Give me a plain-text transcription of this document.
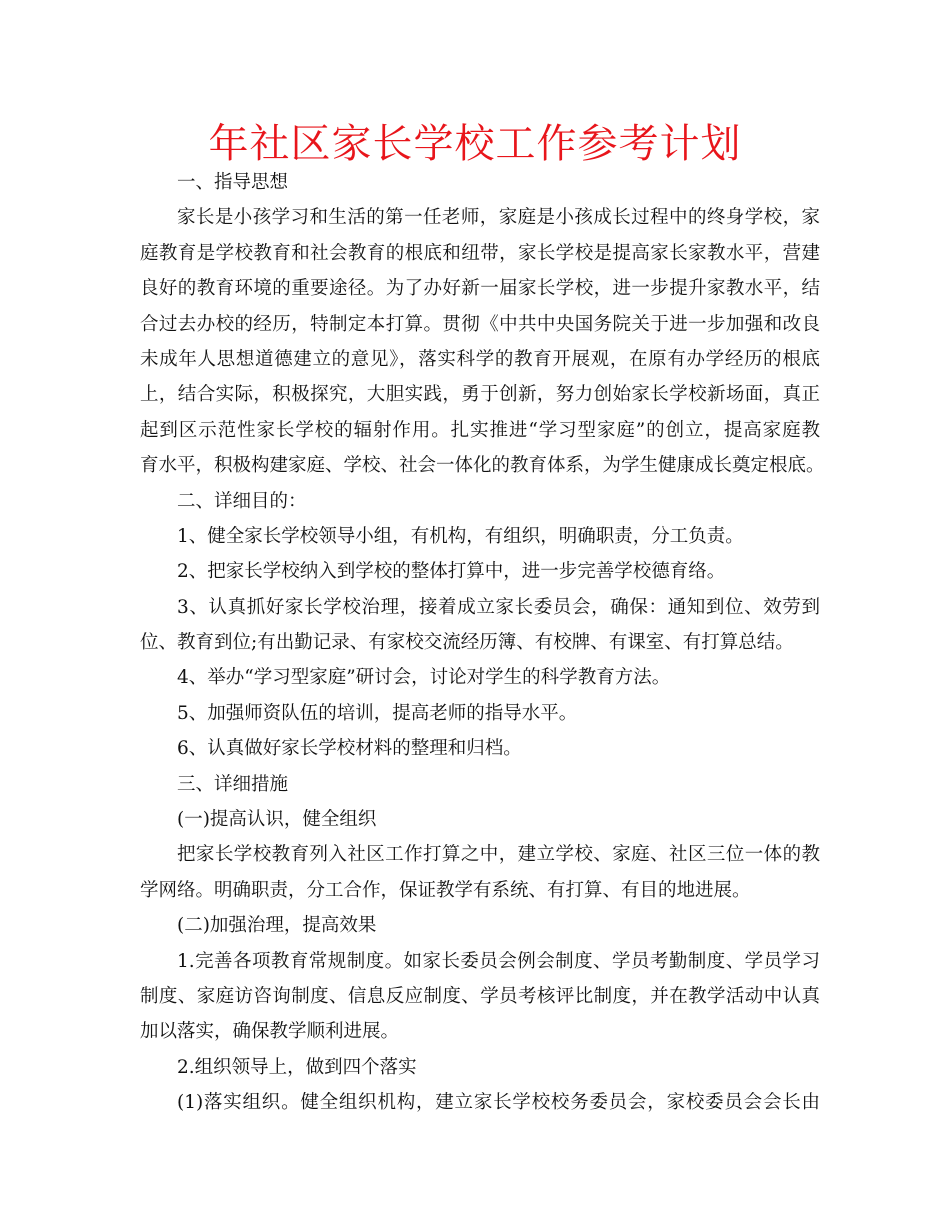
年社区家长学校工作参考计划
一、指导思想
家长是小孩学习和生活的第一任老师，家庭是小孩成长过程中的终身学校，家
庭教育是学校教育和社会教育的根底和纽带，家长学校是提高家长家教水平，营建
良好的教育环境的重要途径。为了办好新一届家长学校，进一步提升家教水平，结
合过去办校的经历，特制定本打算。贯彻《中共中央国务院关于进一步加强和改良
未成年人思想道德建立的意见》，落实科学的教育开展观，在原有办学经历的根底
上，结合实际，积极探究，大胆实践，勇于创新，努力创始家长学校新场面，真正
起到区示范性家长学校的辐射作用。扎实推进“学习型家庭”的创立，提高家庭教
育水平，积极构建家庭、学校、社会一体化的教育体系，为学生健康成长奠定根底。
二、详细目的：
1、健全家长学校领导小组，有机构，有组织，明确职责，分工负责。
2、把家长学校纳入到学校的整体打算中，进一步完善学校德育络。
3、认真抓好家长学校治理，接着成立家长委员会，确保：通知到位、效劳到
位、教育到位;有出勤记录、有家校交流经历簿、有校牌、有课室、有打算总结。
4、举办“学习型家庭”研讨会，讨论对学生的科学教育方法。
5、加强师资队伍的培训，提高老师的指导水平。
6、认真做好家长学校材料的整理和归档。
三、详细措施
(一)提高认识，健全组织
把家长学校教育列入社区工作打算之中，建立学校、家庭、社区三位一体的教
学网络。明确职责，分工合作，保证教学有系统、有打算、有目的地进展。
(二)加强治理，提高效果
1.完善各项教育常规制度。如家长委员会例会制度、学员考勤制度、学员学习
制度、家庭访咨询制度、信息反应制度、学员考核评比制度，并在教学活动中认真
加以落实，确保教学顺利进展。
2.组织领导上，做到四个落实
(1)落实组织。健全组织机构，建立家长学校校务委员会，家校委员会会长由
